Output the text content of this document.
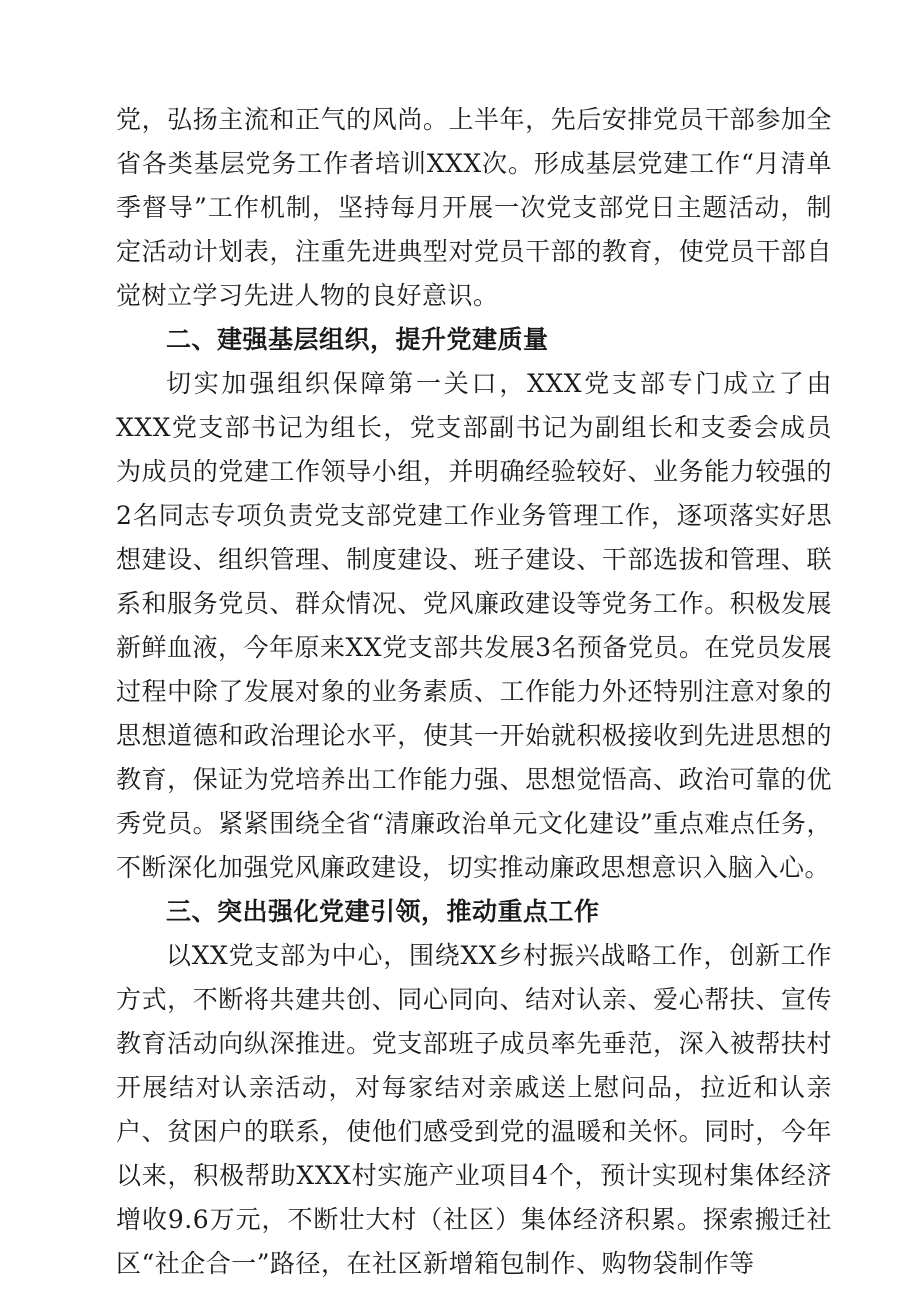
党，弘扬主流和正气的风尚。上半年，先后安排党员干部参加全省各类基层党务工作者培训XXX次。形成基层党建工作“月清单季督导”工作机制，坚持每月开展一次党支部党日主题活动，制定活动计划表，注重先进典型对党员干部的教育，使党员干部自觉树立学习先进人物的良好意识。

二、建强基层组织，提升党建质量

切实加强组织保障第一关口，XXX党支部专门成立了由XXX党支部书记为组长，党支部副书记为副组长和支委会成员为成员的党建工作领导小组，并明确经验较好、业务能力较强的2名同志专项负责党支部党建工作业务管理工作，逐项落实好思想建设、组织管理、制度建设、班子建设、干部选拔和管理、联系和服务党员、群众情况、党风廉政建设等党务工作。积极发展新鲜血液，今年原来XX党支部共发展3名预备党员。在党员发展过程中除了发展对象的业务素质、工作能力外还特别注意对象的思想道德和政治理论水平，使其一开始就积极接收到先进思想的教育，保证为党培养出工作能力强、思想觉悟高、政治可靠的优秀党员。紧紧围绕全省“清廉政治单元文化建设”重点难点任务，不断深化加强党风廉政建设，切实推动廉政思想意识入脑入心。

三、突出强化党建引领，推动重点工作

以XX党支部为中心，围绕XX乡村振兴战略工作，创新工作方式，不断将共建共创、同心同向、结对认亲、爱心帮扶、宣传教育活动向纵深推进。党支部班子成员率先垂范，深入被帮扶村开展结对认亲活动，对每家结对亲戚送上慰问品，拉近和认亲户、贫困户的联系，使他们感受到党的温暖和关怀。同时，今年以来，积极帮助XXX村实施产业项目4个，预计实现村集体经济增收9.6万元，不断壮大村（社区）集体经济积累。探索搬迁社区“社企合一”路径，在社区新增箱包制作、购物袋制作等
